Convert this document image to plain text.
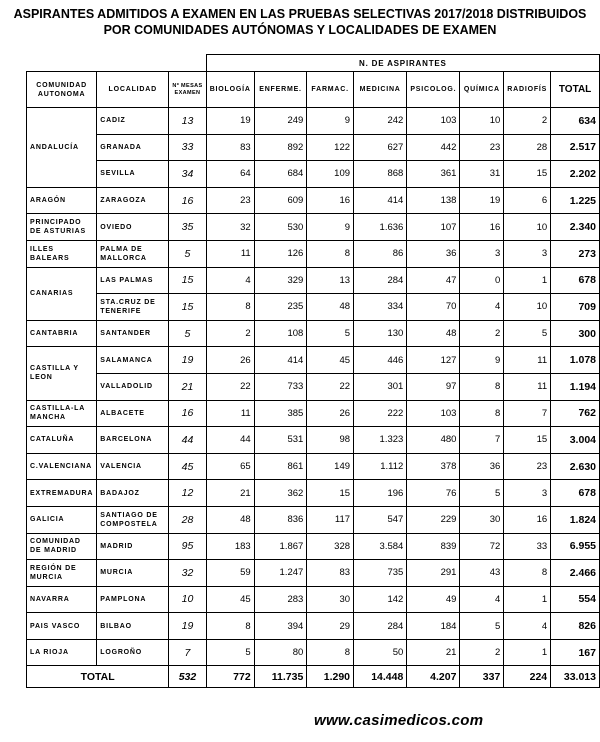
ASPIRANTES ADMITIDOS A EXAMEN EN LAS PRUEBAS SELECTIVAS 2017/2018 DISTRIBUIDOS
POR COMUNIDADES AUTÓNOMAS Y LOCALIDADES DE EXAMEN
			N. DE ASPIRANTES							
COMUNIDAD AUTONOMA	LOCALIDAD	Nº MESAS EXAMEN	BIOLOGÍA	ENFERME.	FARMAC.	MEDICINA	PSICOLOG.	QUÍMICA	RADIOFÍS	TOTAL
ANDALUCÍA	CADIZ	13	19	249	9	242	103	10	2	634
	GRANADA	33	83	892	122	627	442	23	28	2.517
	SEVILLA	34	64	684	109	868	361	31	15	2.202
ARAGÓN	ZARAGOZA	16	23	609	16	414	138	19	6	1.225
PRINCIPADO DE ASTURIAS	OVIEDO	35	32	530	9	1.636	107	16	10	2.340
ILLES BALEARS	PALMA DE MALLORCA	5	11	126	8	86	36	3	3	273
CANARIAS	LAS PALMAS	15	4	329	13	284	47	0	1	678
	STA.CRUZ DE TENERIFE	15	8	235	48	334	70	4	10	709
CANTABRIA	SANTANDER	5	2	108	5	130	48	2	5	300
CASTILLA Y LEON	SALAMANCA	19	26	414	45	446	127	9	11	1.078
	VALLADOLID	21	22	733	22	301	97	8	11	1.194
CASTILLA-LA MANCHA	ALBACETE	16	11	385	26	222	103	8	7	762
CATALUÑA	BARCELONA	44	44	531	98	1.323	480	7	15	3.004
C.VALENCIANA	VALENCIA	45	65	861	149	1.112	378	36	23	2.630
EXTREMADURA	BADAJOZ	12	21	362	15	196	76	5	3	678
GALICIA	SANTIAGO DE COMPOSTELA	28	48	836	117	547	229	30	16	1.824
COMUNIDAD DE MADRID	MADRID	95	183	1.867	328	3.584	839	72	33	6.955
REGIÓN DE MURCIA	MURCIA	32	59	1.247	83	735	291	43	8	2.466
NAVARRA	PAMPLONA	10	45	283	30	142	49	4	1	554
PAIS VASCO	BILBAO	19	8	394	29	284	184	5	4	826
LA RIOJA	LOGROÑO	7	5	80	8	50	21	2	1	167
TOTAL		532	772	11.735	1.290	14.448	4.207	337	224	33.013
www.casimedicos.com
